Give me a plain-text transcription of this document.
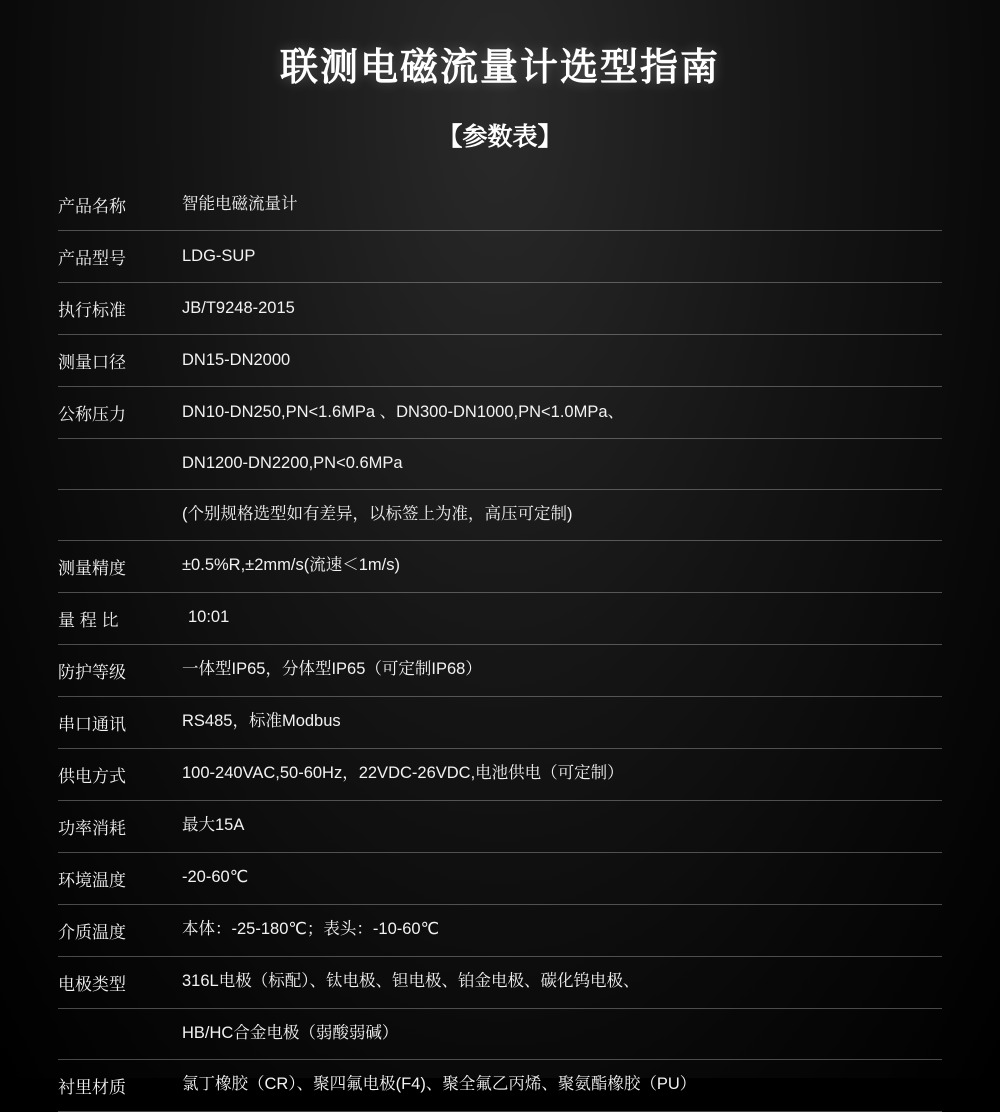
联测电磁流量计选型指南
【参数表】
产品名称	智能电磁流量计
产品型号	LDG-SUP
执行标准	JB/T9248-2015
测量口径	DN15-DN2000
公称压力	DN10-DN250,PN<1.6MPa 、DN300-DN1000,PN<1.0MPa、
	DN1200-DN2200,PN<0.6MPa
	(个别规格选型如有差异，以标签上为准，高压可定制)
测量精度	±0.5%R,±2mm/s(流速＜1m/s)
量 程 比	10:01
防护等级	一体型IP65，分体型IP65（可定制IP68）
串口通讯	RS485，标准Modbus
供电方式	100-240VAC,50-60Hz，22VDC-26VDC,电池供电（可定制）
功率消耗	最大15A
环境温度	-20-60℃
介质温度	本体：-25-180℃；表头：-10-60℃
电极类型	316L电极（标配）、钛电极、钽电极、铂金电极、碳化钨电极、
	HB/HC合金电极（弱酸弱碱）
衬里材质	氯丁橡胶（CR）、聚四氟电极(F4)、聚全氟乙丙烯、聚氨酯橡胶（PU）
